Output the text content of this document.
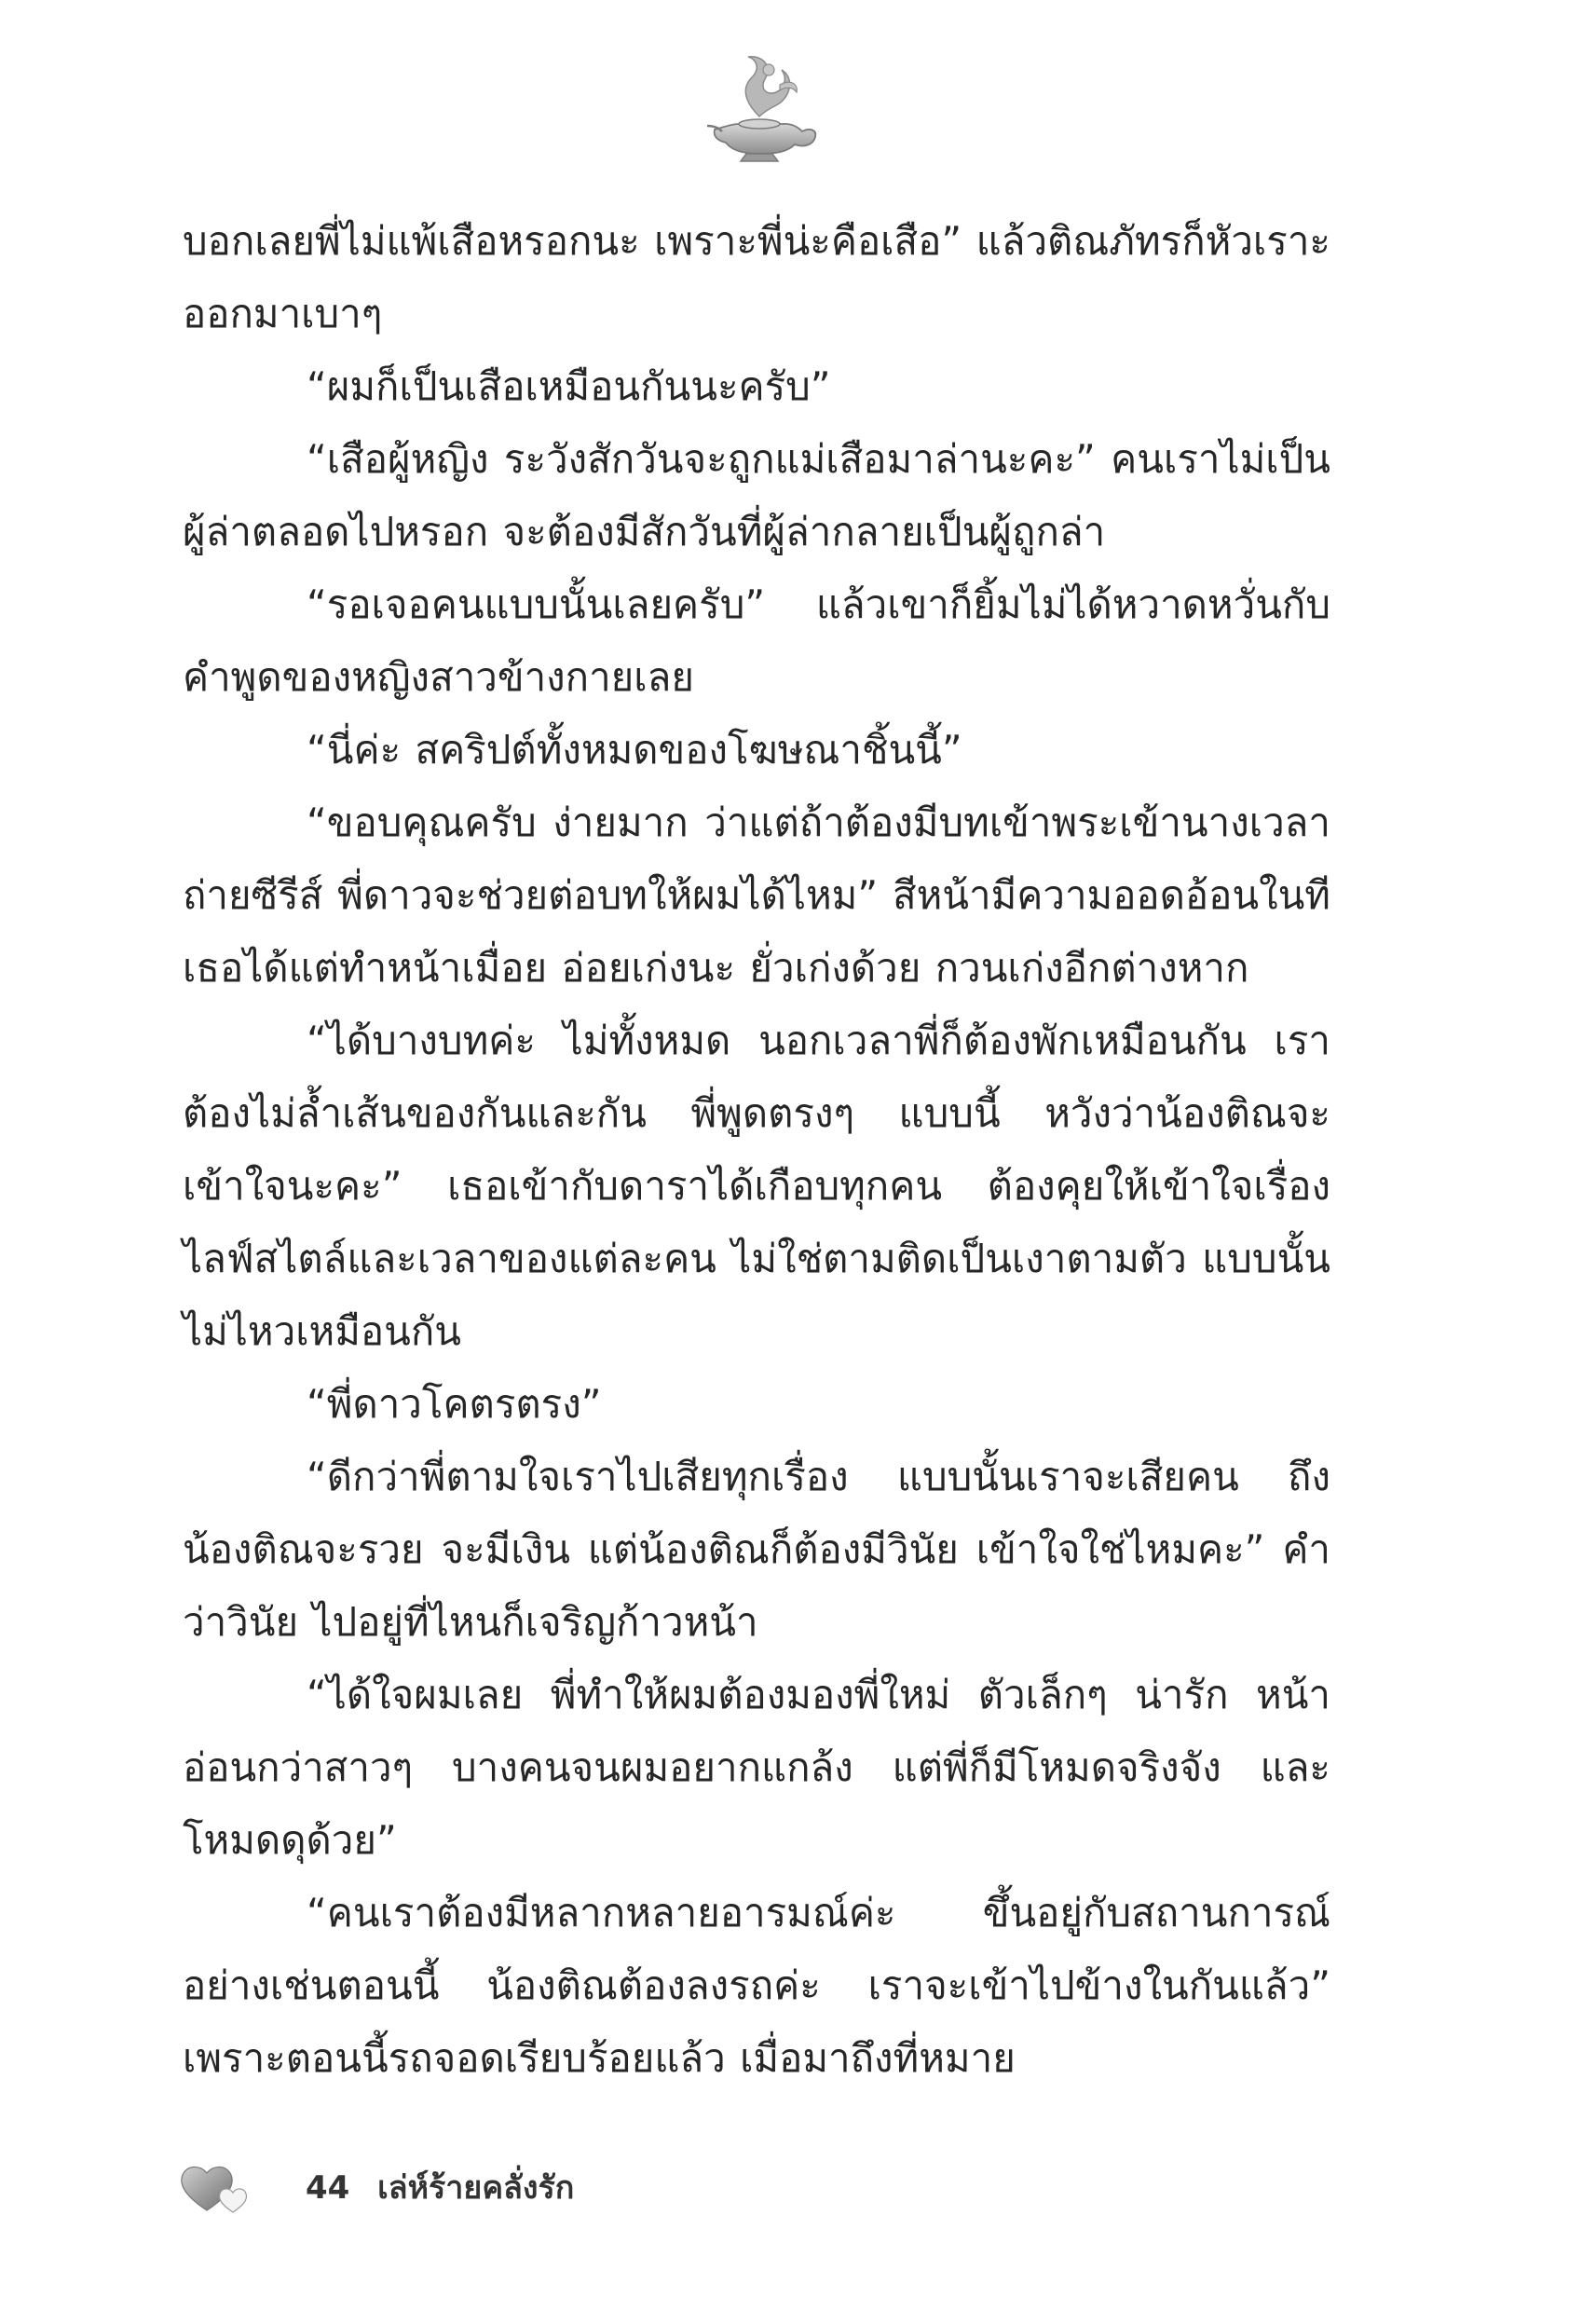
บอกเลยพี่ไม่แพ้เสือหรอกนะ เพราะพี่น่ะคือเสือ” แล้วติณภัทรก็หัวเราะออกมาเบาๆ

“ผมก็เป็นเสือเหมือนกันนะครับ”

“เสือผู้หญิง ระวังสักวันจะถูกแม่เสือมาล่านะคะ” คนเราไม่เป็นผู้ล่าตลอดไปหรอก จะต้องมีสักวันที่ผู้ล่ากลายเป็นผู้ถูกล่า

“รอเจอคนแบบนั้นเลยครับ” แล้วเขาก็ยิ้มไม่ได้หวาดหวั่นกับคำพูดของหญิงสาวข้างกายเลย

“นี่ค่ะ สคริปต์ทั้งหมดของโฆษณาชิ้นนี้”

“ขอบคุณครับ ง่ายมาก ว่าแต่ถ้าต้องมีบทเข้าพระเข้านางเวลาถ่ายซีรีส์ พี่ดาวจะช่วยต่อบทให้ผมได้ไหม” สีหน้ามีความออดอ้อนในทีเธอได้แต่ทำหน้าเมื่อย อ่อยเก่งนะ ยั่วเก่งด้วย กวนเก่งอีกต่างหาก

“ได้บางบทค่ะ ไม่ทั้งหมด นอกเวลาพี่ก็ต้องพักเหมือนกัน เราต้องไม่ล้ำเส้นของกันและกัน พี่พูดตรงๆ แบบนี้ หวังว่าน้องติณจะเข้าใจนะคะ” เธอเข้ากับดาราได้เกือบทุกคน ต้องคุยให้เข้าใจเรื่องไลฟ์สไตล์และเวลาของแต่ละคน ไม่ใช่ตามติดเป็นเงาตามตัว แบบนั้นไม่ไหวเหมือนกัน

“พี่ดาวโคตรตรง”

“ดีกว่าพี่ตามใจเราไปเสียทุกเรื่อง แบบนั้นเราจะเสียคน ถึงน้องติณจะรวย จะมีเงิน แต่น้องติณก็ต้องมีวินัย เข้าใจใช่ไหมคะ” คำว่าวินัย ไปอยู่ที่ไหนก็เจริญก้าวหน้า

“ได้ใจผมเลย พี่ทำให้ผมต้องมองพี่ใหม่ ตัวเล็กๆ น่ารัก หน้าอ่อนกว่าสาวๆ บางคนจนผมอยากแกล้ง แต่พี่ก็มีโหมดจริงจัง และโหมดดุด้วย”

“คนเราต้องมีหลากหลายอารมณ์ค่ะ ขึ้นอยู่กับสถานการณ์อย่างเช่นตอนนี้ น้องติณต้องลงรถค่ะ เราจะเข้าไปข้างในกันแล้ว” เพราะตอนนี้รถจอดเรียบร้อยแล้ว เมื่อมาถึงที่หมาย

44 เล่ห์ร้ายคลั่งรัก
